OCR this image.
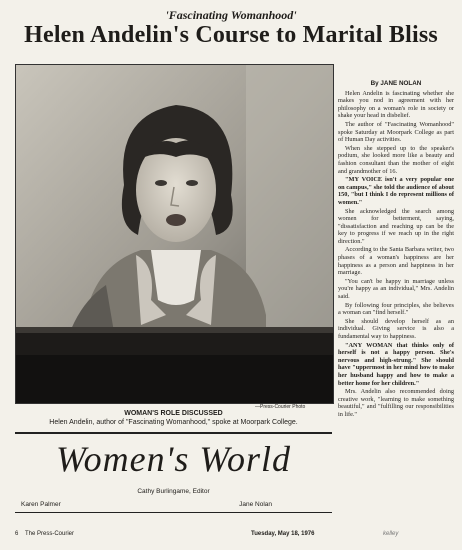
'Fascinating Womanhood'
Helen Andelin's Course to Marital Bliss
—Press-Courier Photo
WOMAN'S ROLE DISCUSSED
Helen Andelin, author of "Fascinating Womanhood," spoke at Moorpark College.

By JANE NOLAN

Helen Andelin is fascinating whether she makes you nod in agreement with her philosophy on a woman's role in society or shake your head in disbelief.

The author of "Fascinating Womanhood" spoke Saturday at Moorpark College as part of Human Day activities.

When she stepped up to the speaker's podium, she looked more like a beauty and fashion consultant than the mother of eight and grandmother of 16.

"MY VOICE isn't a very popular one on campus," she told the audience of about 150, "but I think I do represent millions of women."

She acknowledged the search among women for betterment, saying, "dissatisfaction and reaching up can be the key to progress if we reach up in the right direction."

According to the Santa Barbara writer, two phases of a woman's happiness are her happiness as a person and happiness in her marriage.

"You can't be happy in marriage unless you're happy as an individual," Mrs. Andelin said.

By following four principles, she believes a woman can "find herself."

She should develop herself as an individual. Giving service is also a fundamental way to happiness.

"ANY WOMAN that thinks only of herself is not a happy person. She's nervous and high-strung." She should have "uppermost in her mind how to make her husband happy and how to make a better home for her children."

Mrs. Andelin also recommended doing creative work, "learning to make something beautiful," and "fulfilling our responsibilities in life."

Women's World
Cathy Burlingame, Editor
Karen Palmer	Jane Nolan
6 The Press-Courier	Tuesday, May 18, 1976	kelley
